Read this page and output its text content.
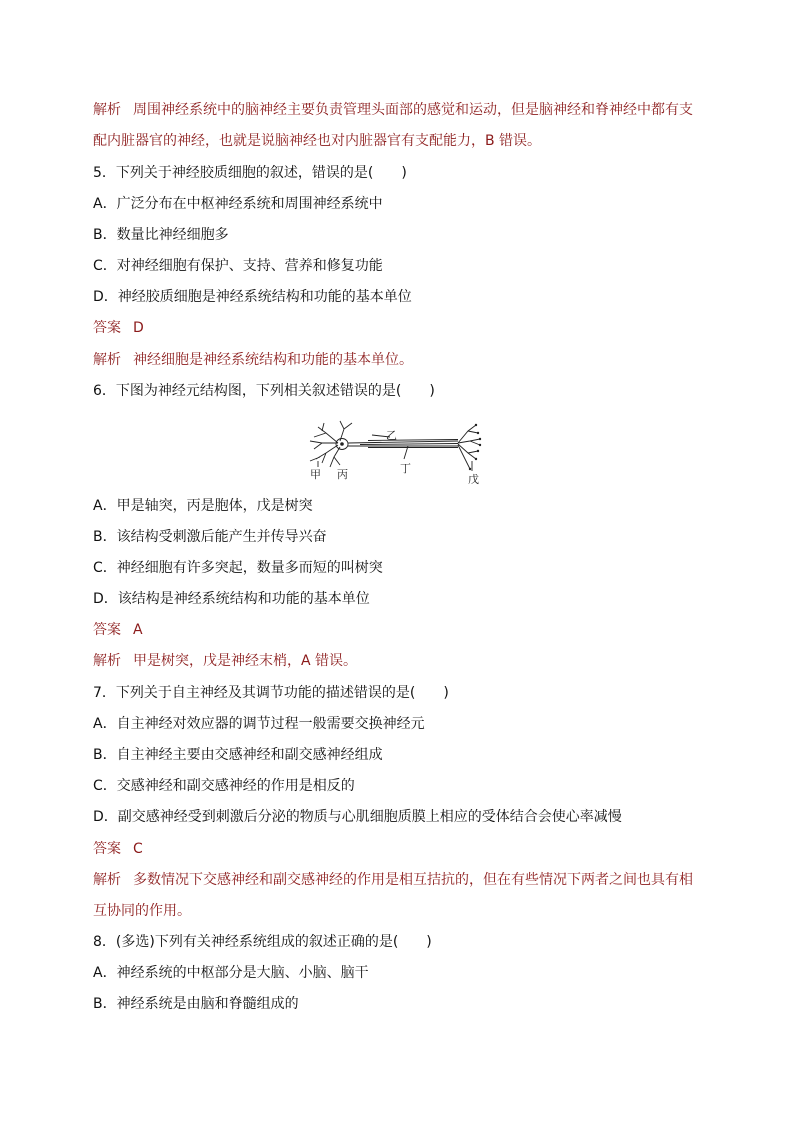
解析 周围神经系统中的脑神经主要负责管理头面部的感觉和运动，但是脑神经和脊神经中都有支
配内脏器官的神经，也就是说脑神经也对内脏器官有支配能力，B 错误。
5．下列关于神经胶质细胞的叙述，错误的是(　　)
A．广泛分布在中枢神经系统和周围神经系统中
B．数量比神经细胞多
C．对神经细胞有保护、支持、营养和修复功能
D．神经胶质细胞是神经系统结构和功能的基本单位
答案 D
解析 神经细胞是神经系统结构和功能的基本单位。
6．下图为神经元结构图，下列相关叙述错误的是(　　)
甲 丙
乙
丁
戊
A．甲是轴突，丙是胞体，戊是树突
B．该结构受刺激后能产生并传导兴奋
C．神经细胞有许多突起，数量多而短的叫树突
D．该结构是神经系统结构和功能的基本单位
答案 A
解析 甲是树突，戊是神经末梢，A 错误。
7．下列关于自主神经及其调节功能的描述错误的是(　　)
A．自主神经对效应器的调节过程一般需要交换神经元
B．自主神经主要由交感神经和副交感神经组成
C．交感神经和副交感神经的作用是相反的
D．副交感神经受到刺激后分泌的物质与心肌细胞质膜上相应的受体结合会使心率减慢
答案 C
解析 多数情况下交感神经和副交感神经的作用是相互拮抗的，但在有些情况下两者之间也具有相
互协同的作用。
8．(多选)下列有关神经系统组成的叙述正确的是(　　)
A．神经系统的中枢部分是大脑、小脑、脑干
B．神经系统是由脑和脊髓组成的
